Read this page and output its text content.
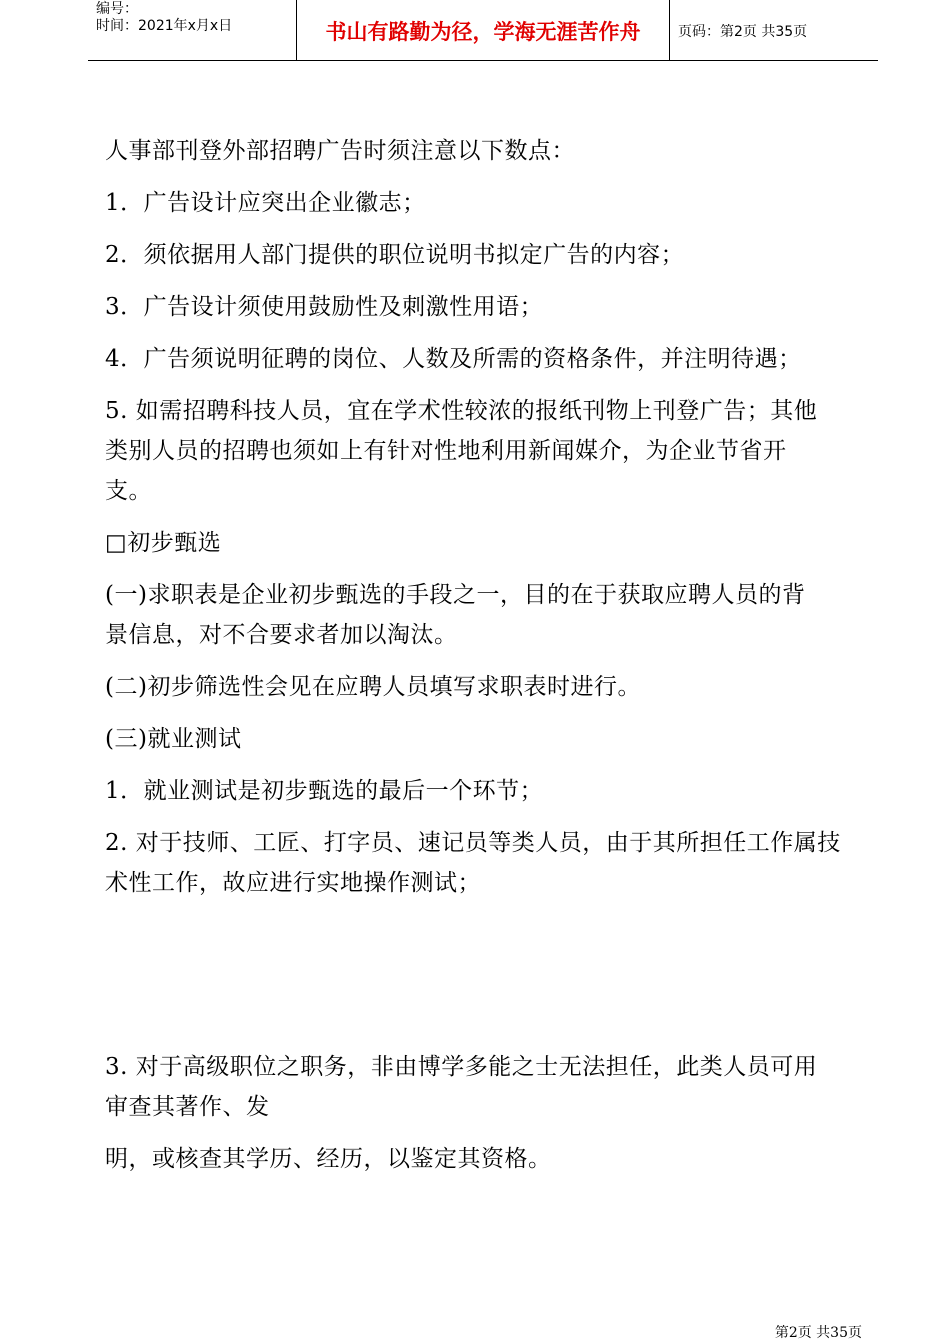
编号：
时间：2021年x月x日	书山有路勤为径，学海无涯苦作舟	页码：第2页 共35页

人事部刊登外部招聘广告时须注意以下数点：

1．广告设计应突出企业徽志；

2．须依据用人部门提供的职位说明书拟定广告的内容；

3．广告设计须使用鼓励性及刺激性用语；

4．广告须说明征聘的岗位、人数及所需的资格条件，并注明待遇；

5. 如需招聘科技人员，宜在学术性较浓的报纸刊物上刊登广告；其他
类别人员的招聘也须如上有针对性地利用新闻媒介，为企业节省开
支。

□初步甄选

(一)求职表是企业初步甄选的手段之一，目的在于获取应聘人员的背
景信息，对不合要求者加以淘汰。

(二)初步筛选性会见在应聘人员填写求职表时进行。

(三)就业测试

1．就业测试是初步甄选的最后一个环节；

2. 对于技师、工匠、打字员、速记员等类人员，由于其所担任工作属技
术性工作，故应进行实地操作测试；

3. 对于高级职位之职务，非由博学多能之士无法担任，此类人员可用
审查其著作、发

明，或核查其学历、经历，以鉴定其资格。

第2页 共35页
